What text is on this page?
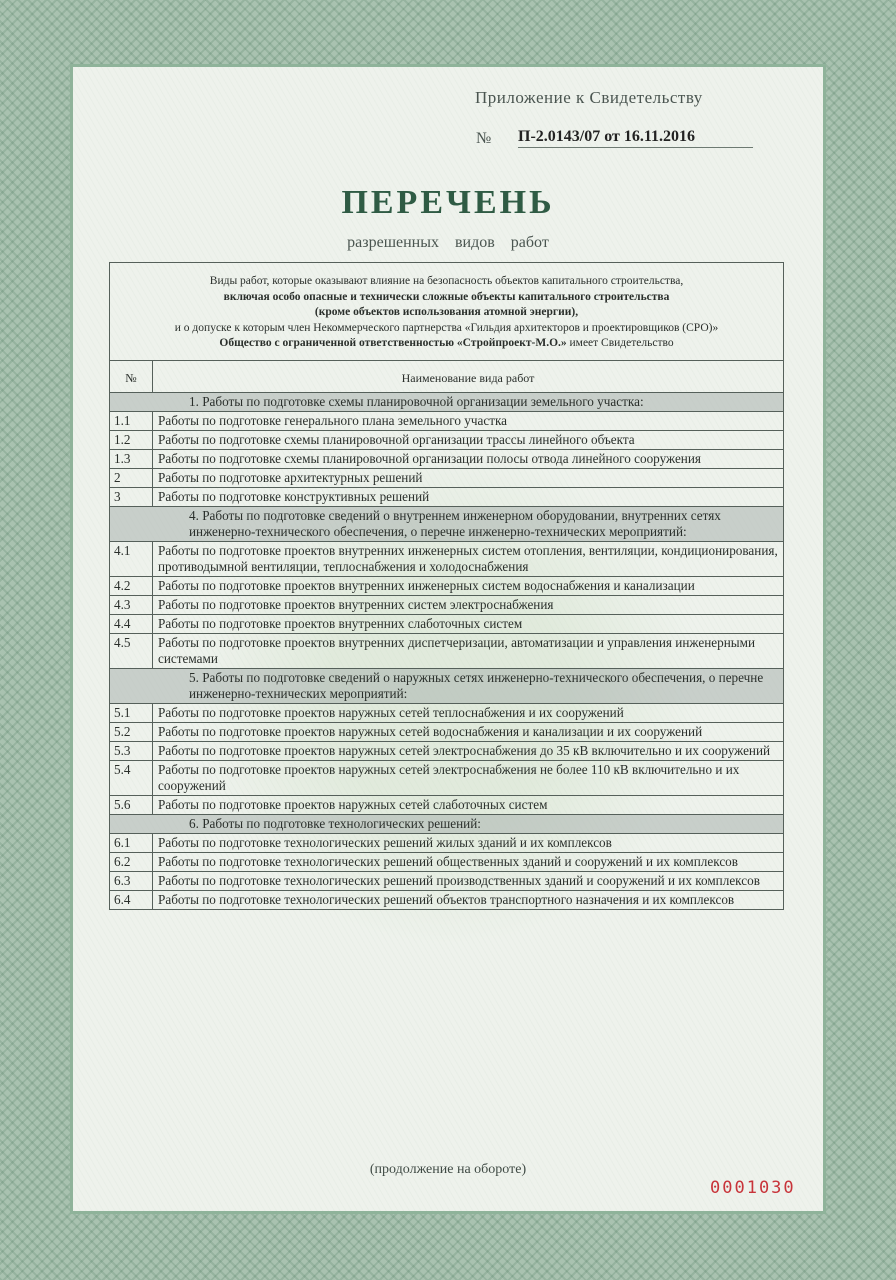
Приложение к Свидетельству
№ П-2.0143/07 от 16.11.2016
ПЕРЕЧЕНЬ
разрешенных видов работ
Виды работ, которые оказывают влияние на безопасность объектов капитального строительства,
включая особо опасные и технически сложные объекты капитального строительства
(кроме объектов использования атомной энергии),
и о допуске к которым член Некоммерческого партнерства «Гильдия архитекторов и проектировщиков (СРО)»
Общество с ограниченной ответственностью «Стройпроект-М.О.» имеет Свидетельство
№	Наименование вида работ
1. Работы по подготовке схемы планировочной организации земельного участка:
1.1	Работы по подготовке генерального плана земельного участка
1.2	Работы по подготовке схемы планировочной организации трассы линейного объекта
1.3	Работы по подготовке схемы планировочной организации полосы отвода линейного сооружения
2	Работы по подготовке архитектурных решений
3	Работы по подготовке конструктивных решений
4. Работы по подготовке сведений о внутреннем инженерном оборудовании, внутренних сетях инженерно-технического обеспечения, о перечне инженерно-технических мероприятий:
4.1	Работы по подготовке проектов внутренних инженерных систем отопления, вентиляции, кондиционирования, противодымной вентиляции, теплоснабжения и холодоснабжения
4.2	Работы по подготовке проектов внутренних инженерных систем водоснабжения и канализации
4.3	Работы по подготовке проектов внутренних систем электроснабжения
4.4	Работы по подготовке проектов внутренних слаботочных систем
4.5	Работы по подготовке проектов внутренних диспетчеризации, автоматизации и управления инженерными системами
5. Работы по подготовке сведений о наружных сетях инженерно-технического обеспечения, о перечне инженерно-технических мероприятий:
5.1	Работы по подготовке проектов наружных сетей теплоснабжения и их сооружений
5.2	Работы по подготовке проектов наружных сетей водоснабжения и канализации и их сооружений
5.3	Работы по подготовке проектов наружных сетей электроснабжения до 35 кВ включительно и их сооружений
5.4	Работы по подготовке проектов наружных сетей электроснабжения не более 110 кВ включительно и их сооружений
5.6	Работы по подготовке проектов наружных сетей слаботочных систем
6. Работы по подготовке технологических решений:
6.1	Работы по подготовке технологических решений жилых зданий и их комплексов
6.2	Работы по подготовке технологических решений общественных зданий и сооружений и их комплексов
6.3	Работы по подготовке технологических решений производственных зданий и сооружений и их комплексов
6.4	Работы по подготовке технологических решений объектов транспортного назначения и их комплексов
(продолжение на обороте)
0001030
